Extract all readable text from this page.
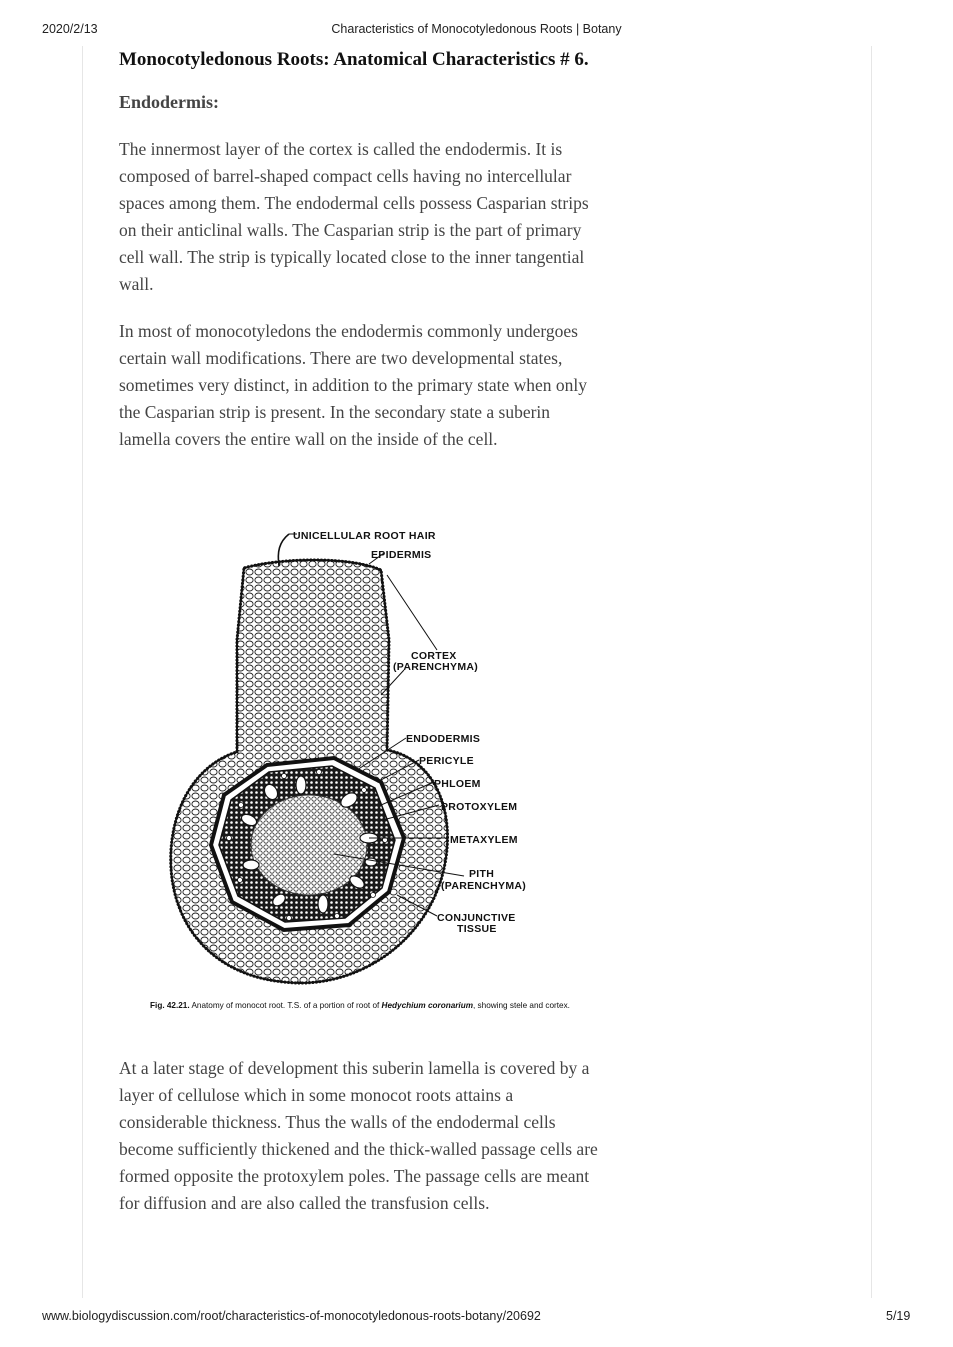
2020/2/13	Characteristics of Monocotyledonous Roots | Botany
Monocotyledonous Roots: Anatomical Characteristics # 6.
Endodermis:

The innermost layer of the cortex is called the endodermis. It is composed of barrel-shaped compact cells having no intercellular spaces among them. The endodermal cells possess Casparian strips on their anticlinal walls. The Casparian strip is the part of primary cell wall. The strip is typically located close to the inner tangential wall.

In most of monocotyledons the endodermis commonly undergoes certain wall modifications. There are two developmental states, sometimes very distinct, in addition to the primary state when only the Casparian strip is present. In the secondary state a suberin lamella covers the entire wall on the inside of the cell.

UNICELLULAR ROOT HAIR
EPIDERMIS
CORTEX
(PARENCHYMA)
ENDODERMIS
PERICYLE
PHLOEM
PROTOXYLEM
METAXYLEM
PITH
(PARENCHYMA)
CONJUNCTIVE
TISSUE
Fig. 42.21. Anatomy of monocot root. T.S. of a portion of root of Hedychium coronarium, showing stele and cortex.

At a later stage of development this suberin lamella is covered by a layer of cellulose which in some monocot roots attains a considerable thickness. Thus the walls of the endodermal cells become sufficiently thickened and the thick-walled passage cells are formed opposite the protoxylem poles. The passage cells are meant for diffusion and are also called the transfusion cells.

www.biologydiscussion.com/root/characteristics-of-monocotyledonous-roots-botany/20692	5/19
